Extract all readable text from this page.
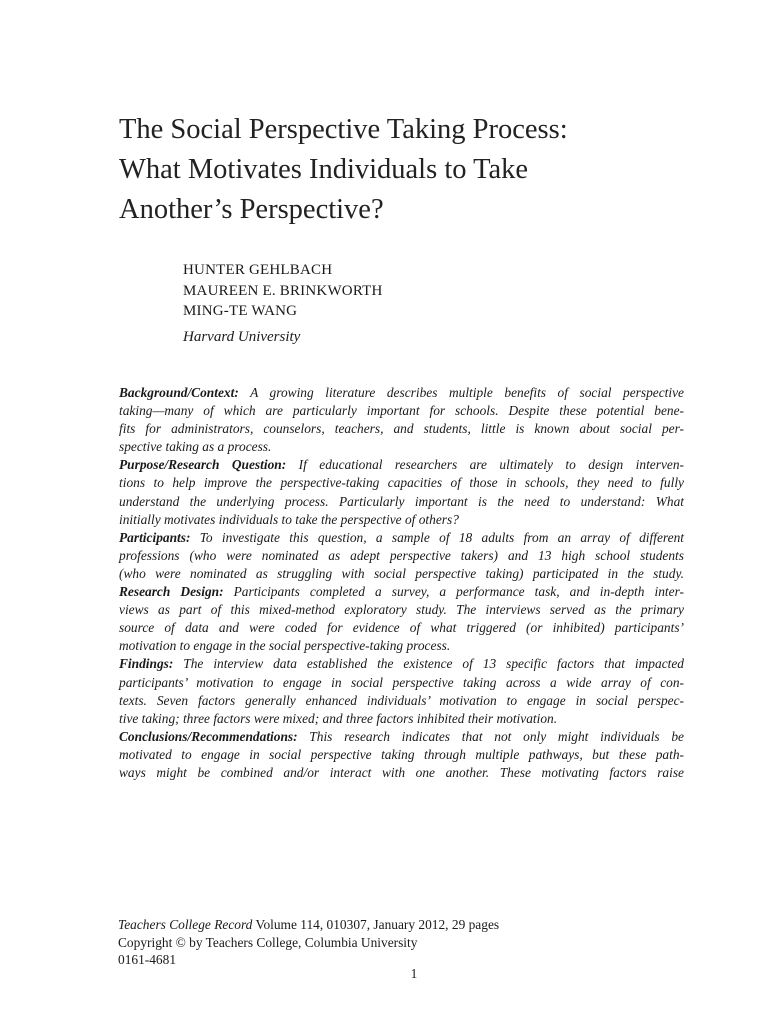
The Social Perspective Taking Process:
What Motivates Individuals to Take
Another’s Perspective?
HUNTER GEHLBACH
MAUREEN E. BRINKWORTH
MING-TE WANG
Harvard University
Background/Context: A growing literature describes multiple benefits of social perspective
taking—many of which are particularly important for schools. Despite these potential bene-
fits for administrators, counselors, teachers, and students, little is known about social per-
spective taking as a process.
Purpose/Research Question: If educational researchers are ultimately to design interven-
tions to help improve the perspective-taking capacities of those in schools, they need to fully
understand the underlying process. Particularly important is the need to understand: What
initially motivates individuals to take the perspective of others?
Participants: To investigate this question, a sample of 18 adults from an array of different
professions (who were nominated as adept perspective takers) and 13 high school students
(who were nominated as struggling with social perspective taking) participated in the study.
Research Design: Participants completed a survey, a performance task, and in-depth inter-
views as part of this mixed-method exploratory study. The interviews served as the primary
source of data and were coded for evidence of what triggered (or inhibited) participants’
motivation to engage in the social perspective-taking process.
Findings: The interview data established the existence of 13 specific factors that impacted
participants’ motivation to engage in social perspective taking across a wide array of con-
texts. Seven factors generally enhanced individuals’ motivation to engage in social perspec-
tive taking; three factors were mixed; and three factors inhibited their motivation.
Conclusions/Recommendations: This research indicates that not only might individuals be
motivated to engage in social perspective taking through multiple pathways, but these path-
ways might be combined and/or interact with one another. These motivating factors raise
Teachers College Record Volume 114, 010307, January 2012, 29 pages
Copyright © by Teachers College, Columbia University
0161-4681
1
